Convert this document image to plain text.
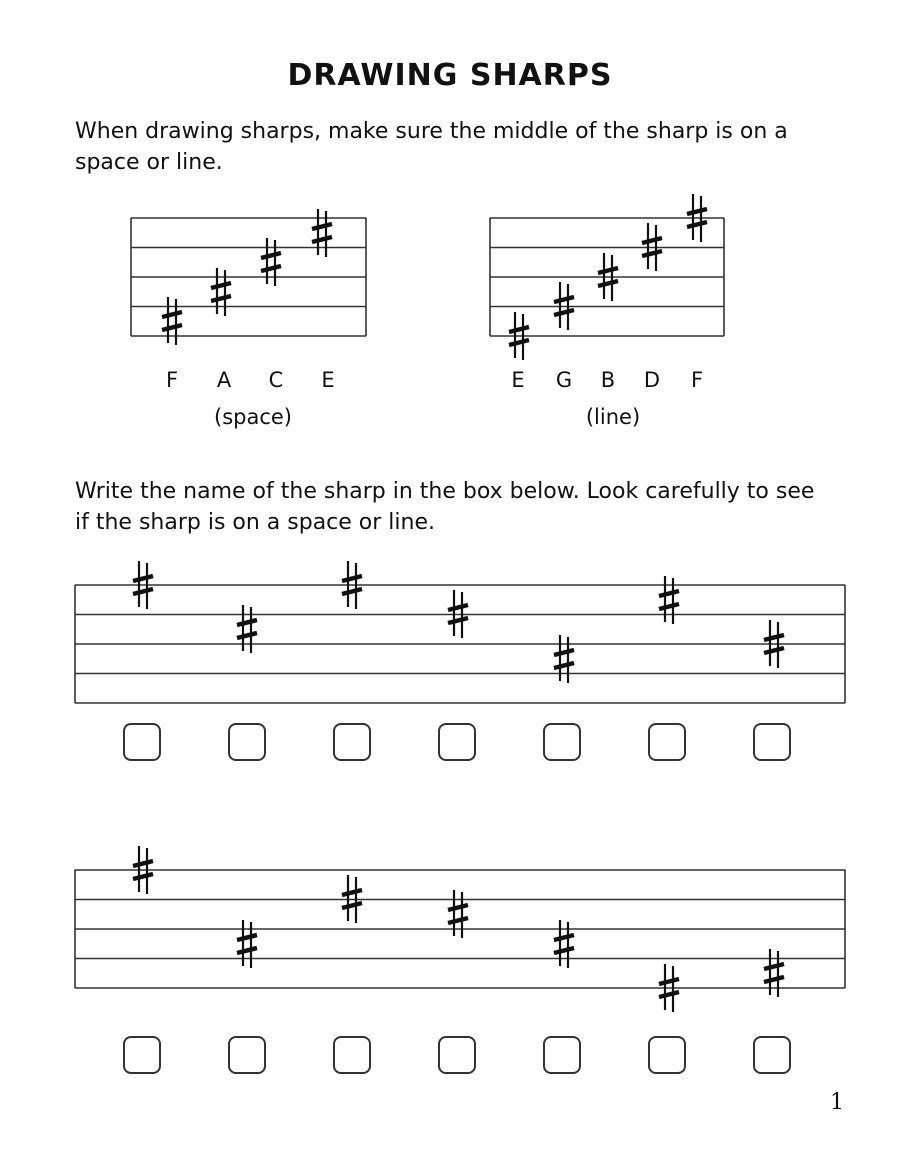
DRAWING SHARPS
When drawing sharps, make sure the middle of the sharp is on a space or line.
F A C E
(space)
E G B D F
(line)
Write the name of the sharp in the box below. Look carefully to see if the sharp is on a space or line.
1
